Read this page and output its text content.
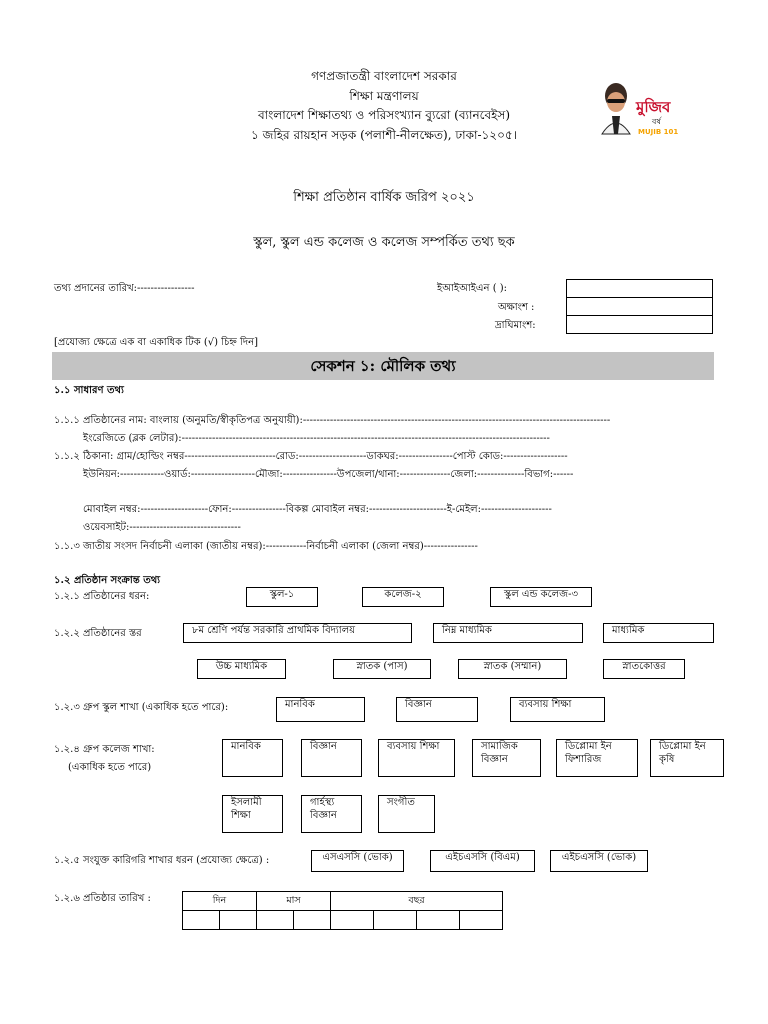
গণপ্রজাতন্ত্রী বাংলাদেশ সরকার
শিক্ষা মন্ত্রণালয়
বাংলাদেশ শিক্ষাতথ্য ও পরিসংখ্যান ব্যুরো (ব্যানবেইস)
১ জহির রায়হান সড়ক (পলাশী-নীলক্ষেত), ঢাকা-১২০৫।
মুজিব
বর্ষ
MUJIB 101
শিক্ষা প্রতিষ্ঠান বার্ষিক জরিপ ২০২১
স্কুল, স্কুল এন্ড কলেজ ও কলেজ সম্পর্কিত তথ্য ছক
তথ্য প্রদানের তারিখ:-----------------	ইআইআইএন ( ):
অক্ষাংশ :
দ্রাঘিমাংশ:
[প্রযোজ্য ক্ষেত্রে এক বা একাধিক টিক (√) চিহ্ন দিন]
সেকশন ১: মৌলিক তথ্য
১.১ সাধারণ তথ্য
১.১.১ প্রতিষ্ঠানের নাম: বাংলায় (অনুমতি/স্বীকৃতিপত্র অনুযায়ী):-------------------------------------------------------------------------------------------
ইংরেজিতে (ব্লক লেটার):-------------------------------------------------------------------------------------------------------------
১.১.২ ঠিকানা: গ্রাম/হোল্ডিং নম্বর---------------------------রোড:--------------------ডাকঘর:----------------পোস্ট কোড:-------------------
ইউনিয়ন:-------------ওয়ার্ড:-------------------মৌজা:----------------উপজেলা/থানা:---------------জেলা:--------------বিভাগ:------
মোবাইল নম্বর:--------------------ফোন:----------------বিকল্প মোবাইল নম্বর:-----------------------ই-মেইল:---------------------
ওয়েবসাইট:---------------------------------
১.১.৩ জাতীয় সংসদ নির্বাচনী এলাকা (জাতীয় নম্বর):------------নির্বাচনী এলাকা (জেলা নম্বর)----------------
১.২ প্রতিষ্ঠান সংক্রান্ত তথ্য
১.২.১ প্রতিষ্ঠানের ধরন:	স্কুল-১	কলেজ-২	স্কুল এন্ড কলেজ-৩
১.২.২ প্রতিষ্ঠানের স্তর	৮ম শ্রেণি পর্যন্ত সরকারি প্রাথমিক বিদ্যালয়	নিম্ন মাধ্যমিক	মাধ্যমিক
উচ্চ মাধ্যমিক	স্নাতক (পাস)	স্নাতক (সম্মান)	স্নাতকোত্তর
১.২.৩ গ্রুপ স্কুল শাখা (একাধিক হতে পারে):	মানবিক	বিজ্ঞান	ব্যবসায় শিক্ষা
১.২.৪ গ্রুপ কলেজ শাখা:
(একাধিক হতে পারে)
মানবিক	বিজ্ঞান	ব্যবসায় শিক্ষা	সামাজিক বিজ্ঞান
ডিপ্লোমা ইন ফিশারিজ
ডিপ্লোমা ইন কৃষি
ইসলামী শিক্ষা
গার্হস্থ্য বিজ্ঞান
সংগীত
১.২.৫ সংযুক্ত কারিগরি শাখার ধরন (প্রযোজ্য ক্ষেত্রে) :	এসএসসি (ভোক)	এইচএসসি (বিএম)	এইচএসসি (ভোক)
১.২.৬ প্রতিষ্ঠার তারিখ :	দিন		মাস		বছর			
